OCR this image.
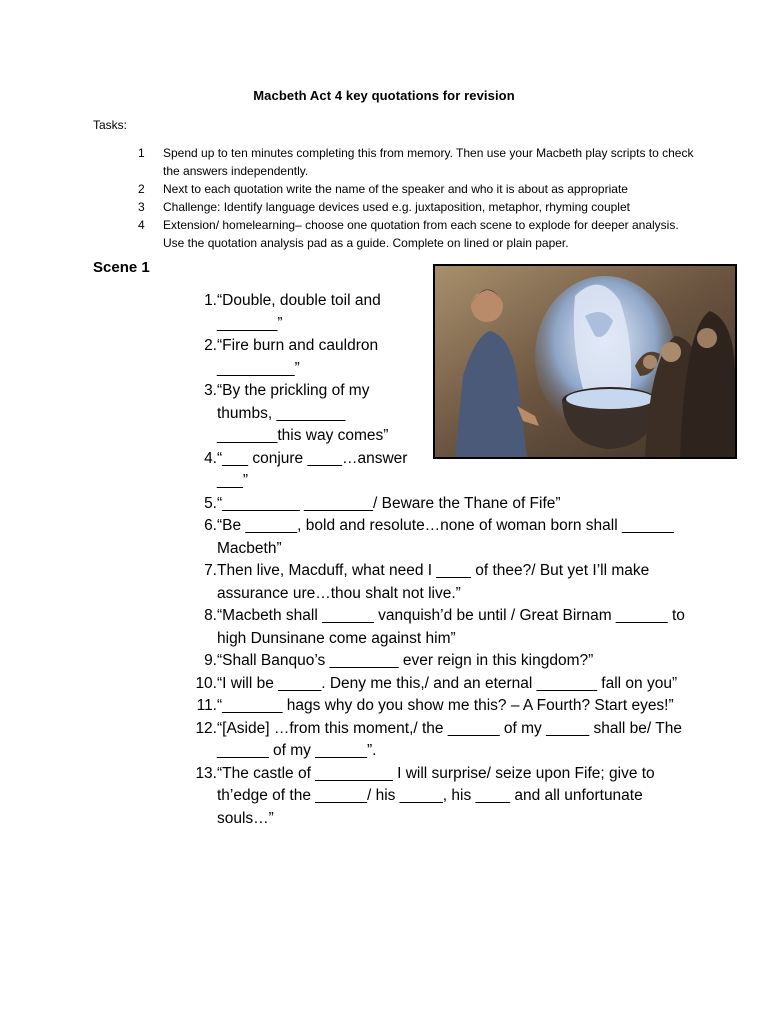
Macbeth Act 4 key quotations for revision
Tasks:
1	Spend up to ten minutes completing this from memory. Then use your Macbeth play scripts to check the answers independently.
2	Next to each quotation write the name of the speaker and who it is about as appropriate
3	Challenge: Identify language devices used e.g. juxtaposition, metaphor, rhyming couplet
4	Extension/ homelearning– choose one quotation from each scene to explode for deeper analysis. Use the quotation analysis pad as a guide. Complete on lined or plain paper.
Scene 1
1. “Double, double toil and _______”
2. “Fire burn and cauldron _________”
3. “By the prickling of my thumbs, ________ _______this way comes”
4. “___ conjure ____…answer ___”
5. “_________ ________/ Beware the Thane of Fife”
6. “Be ______, bold and resolute…none of woman born shall ______ Macbeth”
7. Then live, Macduff, what need I ____ of thee?/ But yet I’ll make assurance ure…thou shalt not live.”
8. “Macbeth shall ______ vanquish’d be until / Great Birnam ______ to high Dunsinane come against him”
9. “Shall Banquo’s ________ ever reign in this kingdom?”
10. “I will be _____. Deny me this,/ and an eternal _______ fall on you”
11. “_______ hags why do you show me this? – A Fourth? Start eyes!”
12. “[Aside] …from this moment,/ the ______ of my _____ shall be/ The ______ of my ______”.
13. “The castle of _________ I will surprise/ seize upon Fife; give to th’edge of the ______/ his _____, his ____ and all unfortunate souls…”
